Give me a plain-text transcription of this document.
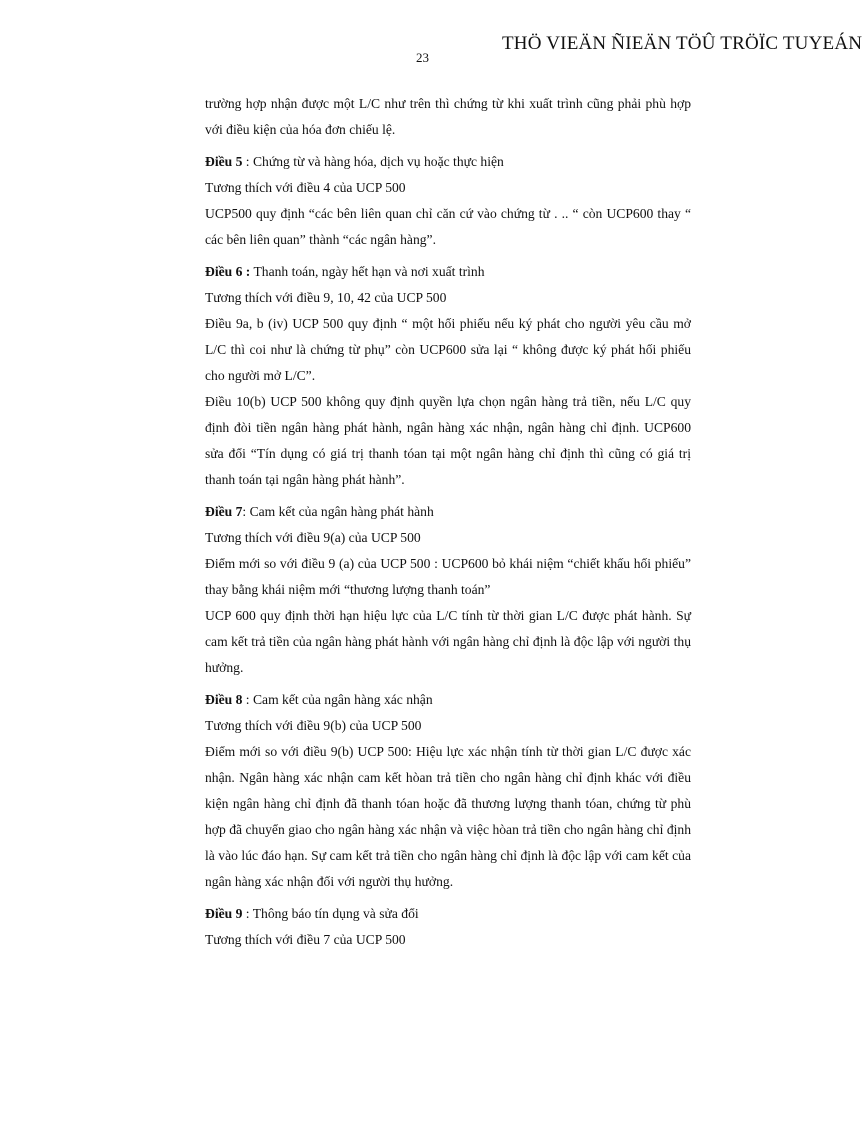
23
THÖ VIEÄN ÑIEÄN TÖÛ TRÖÏC TUYEÁN

trường hợp nhận được một L/C như trên thì chứng từ khi xuất trình cũng phải phù hợp với điều kiện của hóa đơn chiếu lệ.

Điều 5 : Chứng từ và hàng hóa, dịch vụ hoặc thực hiện

Tương thích với điều 4 của UCP 500

UCP500 quy định “các bên liên quan chỉ căn cứ vào chứng từ . .. “ còn UCP600 thay “ các bên liên quan” thành “các ngân hàng”.

Điều 6 : Thanh toán, ngày hết hạn và nơi xuất trình

Tương thích với điều 9, 10, 42 của UCP 500

Điều 9a, b (iv) UCP 500 quy định “ một hối phiếu nếu ký phát cho người yêu cầu mở L/C thì coi như là chứng từ phụ” còn UCP600 sửa lại “ không được ký phát hối phiếu cho người mở L/C”.

Điều 10(b) UCP 500 không quy định quyền lựa chọn ngân hàng trả tiền, nếu L/C quy định đòi tiền ngân hàng phát hành, ngân hàng xác nhận, ngân hàng chỉ định. UCP600 sửa đổi “Tín dụng có giá trị thanh tóan tại một ngân hàng chỉ định thì cũng có giá trị thanh toán tại ngân hàng phát hành”.

Điều 7: Cam kết của ngân hàng phát hành

Tương thích với điều 9(a) của UCP 500

Điểm mới so với điều 9 (a) của UCP 500 : UCP600 bỏ khái niệm “chiết khấu hối phiếu” thay bằng khái niệm mới “thương lượng thanh toán”

UCP 600 quy định thời hạn hiệu lực của L/C tính từ thời gian L/C được phát hành. Sự cam kết trả tiền của ngân hàng phát hành với ngân hàng chỉ định là độc lập với người thụ hưởng.

Điều 8 : Cam kết của ngân hàng xác nhận

Tương thích với điều 9(b) của UCP 500

Điểm mới so với điều 9(b) UCP 500: Hiệu lực xác nhận tính từ thời gian L/C được xác nhận. Ngân hàng xác nhận cam kết hòan trả tiền cho ngân hàng chỉ định khác với điều kiện ngân hàng chỉ định đã thanh tóan hoặc đã thương lượng thanh tóan, chứng từ phù hợp đã chuyển giao cho ngân hàng xác nhận và việc hòan trả tiền cho ngân hàng chỉ định là vào lúc đáo hạn. Sự cam kết trả tiền cho ngân hàng chỉ định là độc lập với cam kết của ngân hàng xác nhận đối với người thụ hưởng.

Điều 9 : Thông báo tín dụng và sửa đổi

Tương thích với điều 7 của UCP 500
